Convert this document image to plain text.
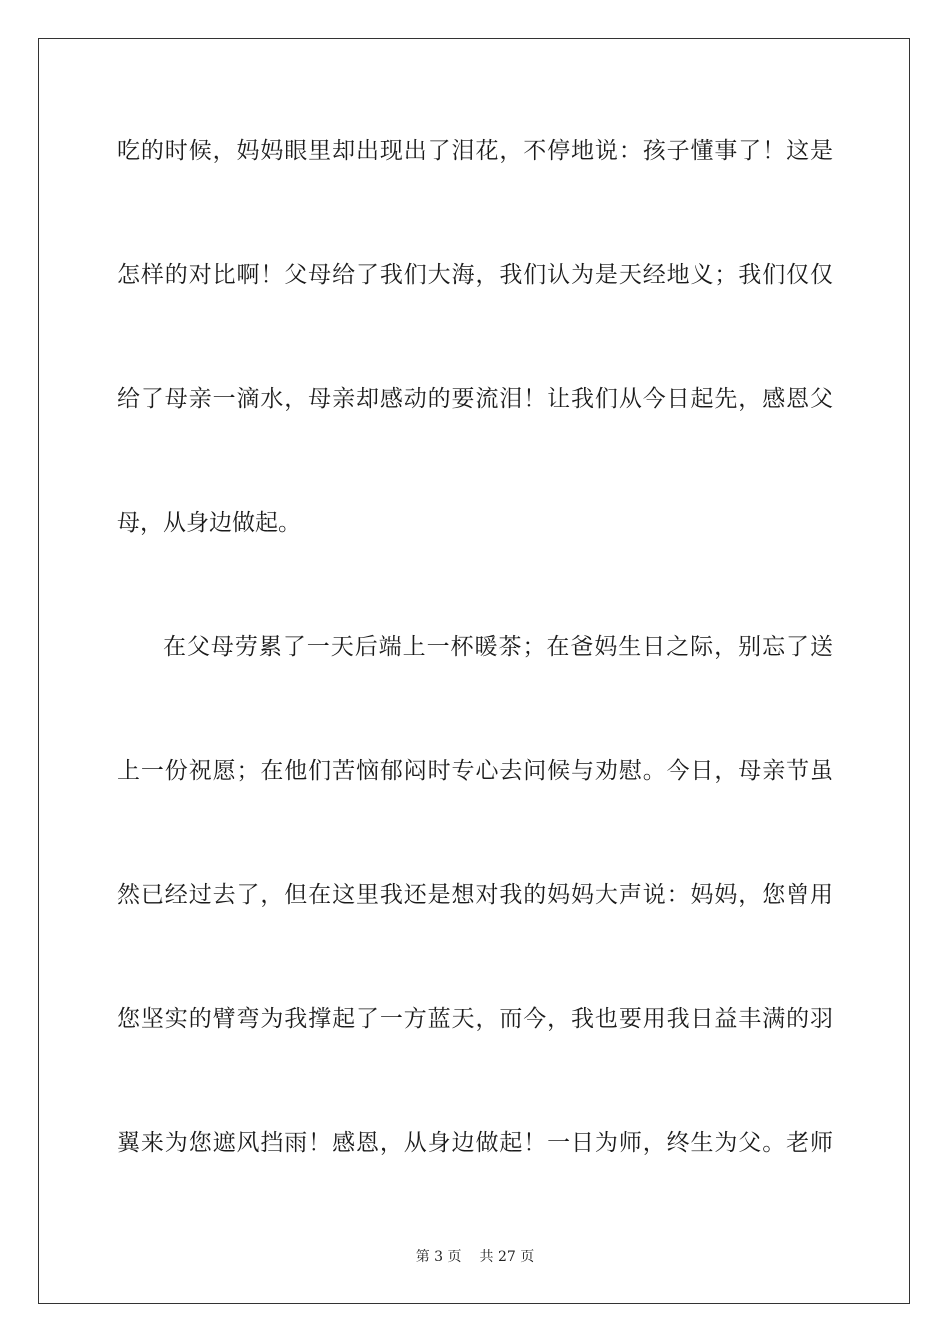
吃的时候，妈妈眼里却出现出了泪花，不停地说：孩子懂事了！这是
怎样的对比啊！父母给了我们大海，我们认为是天经地义；我们仅仅
给了母亲一滴水，母亲却感动的要流泪！让我们从今日起先，感恩父
母，从身边做起。
在父母劳累了一天后端上一杯暖茶；在爸妈生日之际，别忘了送
上一份祝愿；在他们苦恼郁闷时专心去问候与劝慰。今日，母亲节虽
然已经过去了，但在这里我还是想对我的妈妈大声说：妈妈，您曾用
您坚实的臂弯为我撑起了一方蓝天，而今，我也要用我日益丰满的羽
翼来为您遮风挡雨！感恩，从身边做起！一日为师，终生为父。老师
第 3 页 共 27 页
